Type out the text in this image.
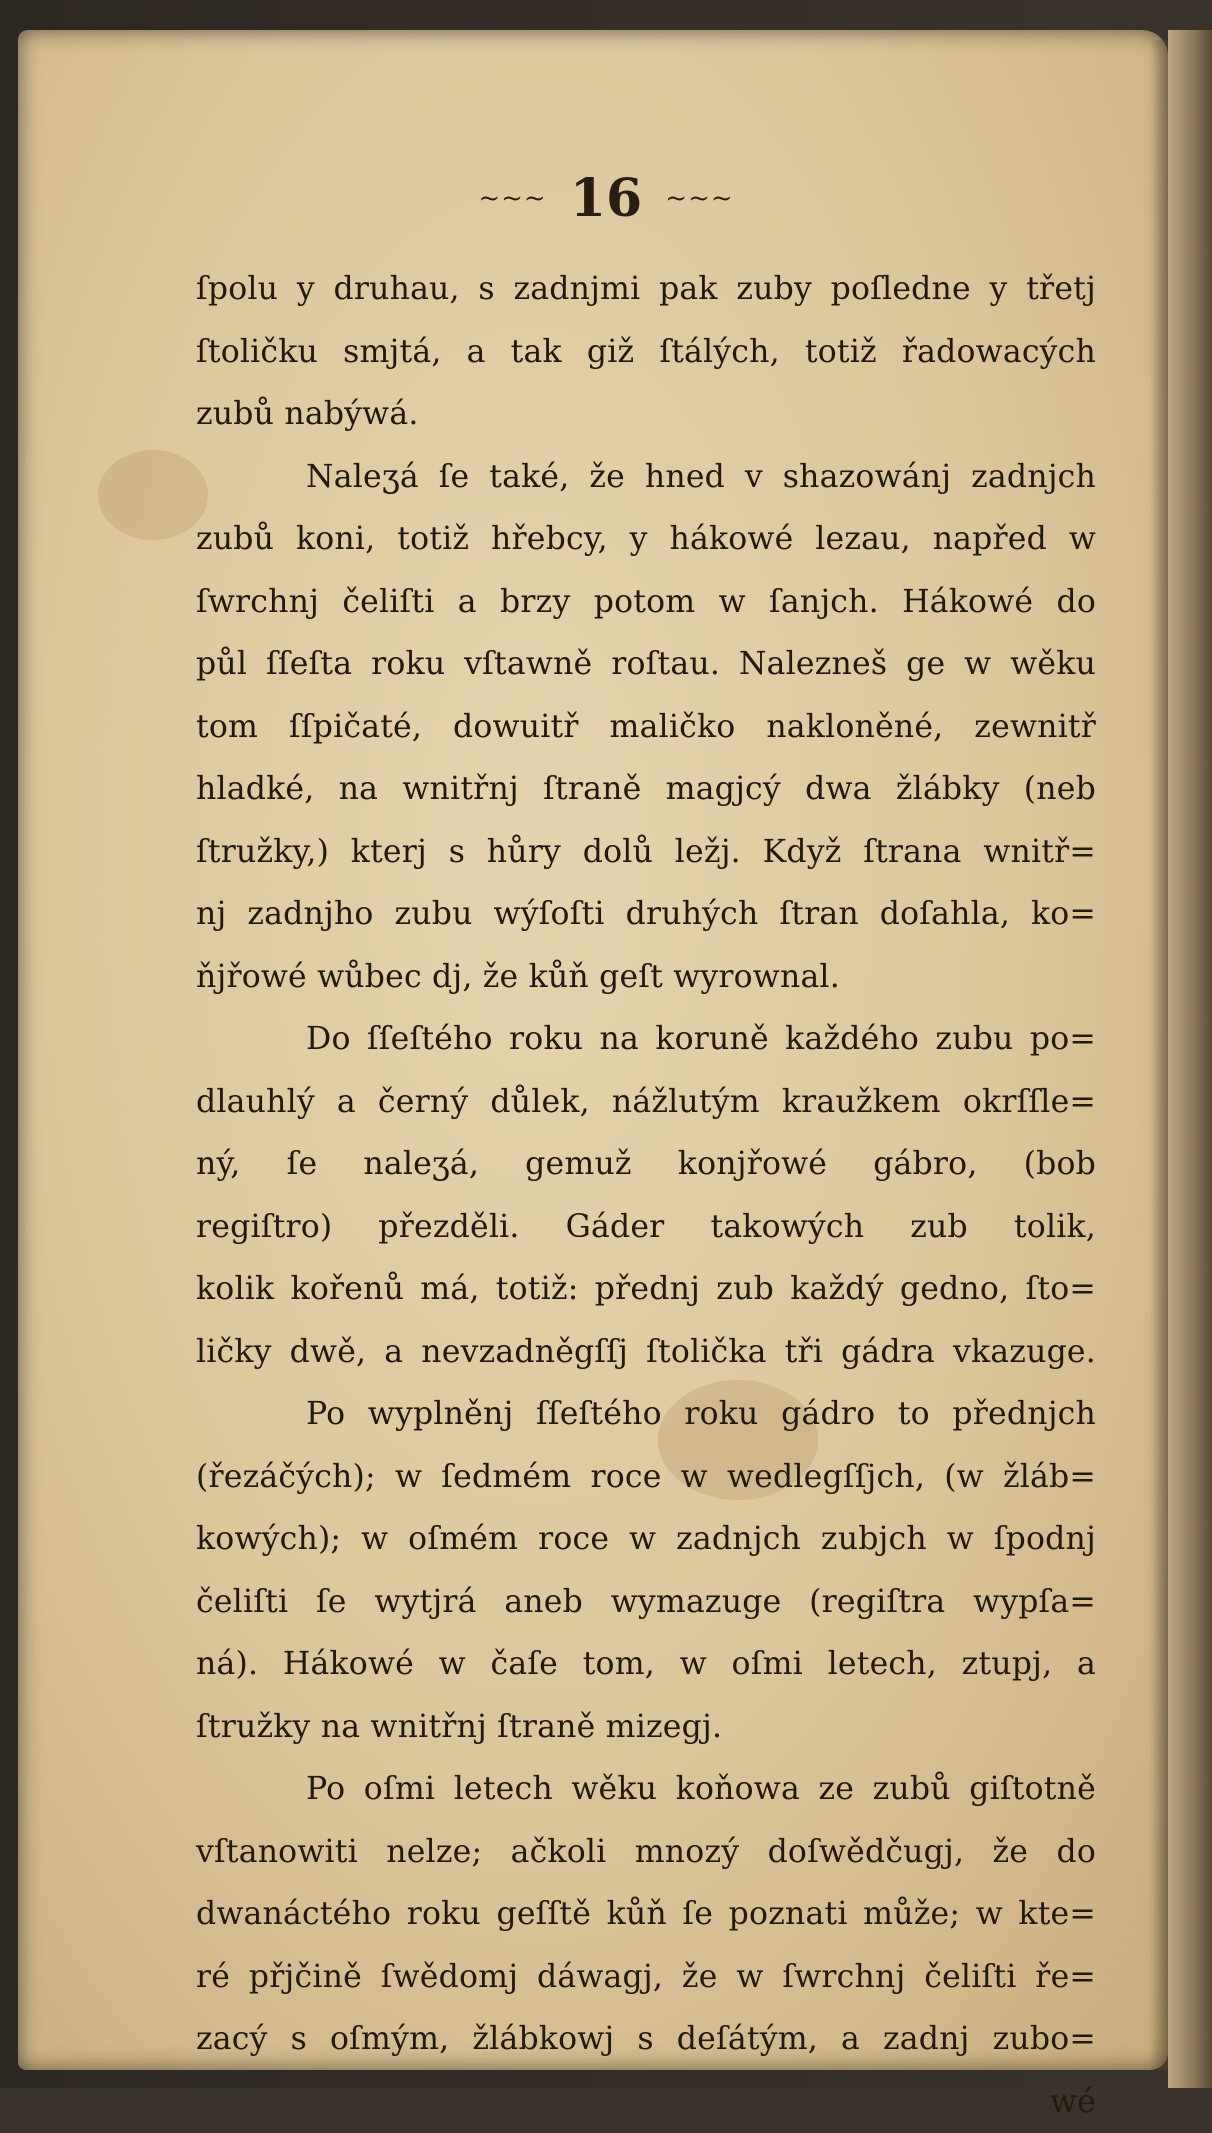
~~~ 16 ~~~
ſpolu y druhau, s zadnjmi pak zuby poſledne y třetj
ſtoličku smjtá, a tak giž ſtálých, totiž řadowacých
zubů nabýwá.
Naleʒá ſe také, že hned v shazowánj zadnjch
zubů koni, totiž hřebcy, y hákowé lezau, napřed w
ſwrchnj čeliſti a brzy potom w ſanjch. Hákowé do
půl ſſeſta roku vſtawně roſtau. Nalezneš ge w wěku
tom ſſpičaté, dowuitř maličko nakloněné, zewnitř
hladké, na wnitřnj ſtraně magjcý dwa žlábky (neb
ſtružky,) kterj s hůry dolů ležj. Když ſtrana wnitř=
nj zadnjho zubu wýſoſti druhých ſtran doſahla, ko=
ňjřowé wůbec dj, že kůň geſt wyrownal.
Do ſſeſtého roku na koruně každého zubu po=
dlauhlý a černý důlek, nážlutým kraužkem okrſſle=
ný, ſe naleʒá, gemuž konjřowé gábro, (bob
regiſtro) přezděli. Gáder takowých zub tolik,
kolik kořenů má, totiž: přednj zub každý gedno, ſto=
ličky dwě, a nevzadněgſſj ſtolička tři gádra vkazuge.
Po wyplněnj ſſeſtého roku gádro to přednjch
(řezáčých); w ſedmém roce w wedlegſſjch, (w žláb=
kowých); w oſmém roce w zadnjch zubjch w ſpodnj
čeliſti ſe wytjrá aneb wymazuge (regiſtra wypſa=
ná). Hákowé w čaſe tom, w oſmi letech, ztupj, a
ſtružky na wnitřnj ſtraně mizegj.
Po oſmi letech wěku koňowa ze zubů giſtotně
vſtanowiti nelze; ačkoli mnozý doſwědčugj, že do
dwanáctého roku geſſtě kůň ſe poznati může; w kte=
ré přjčině ſwědomj dáwagj, že w ſwrchnj čeliſti ře=
zacý s oſmým, žlábkowj s deſátým, a zadnj zubo=
wé
